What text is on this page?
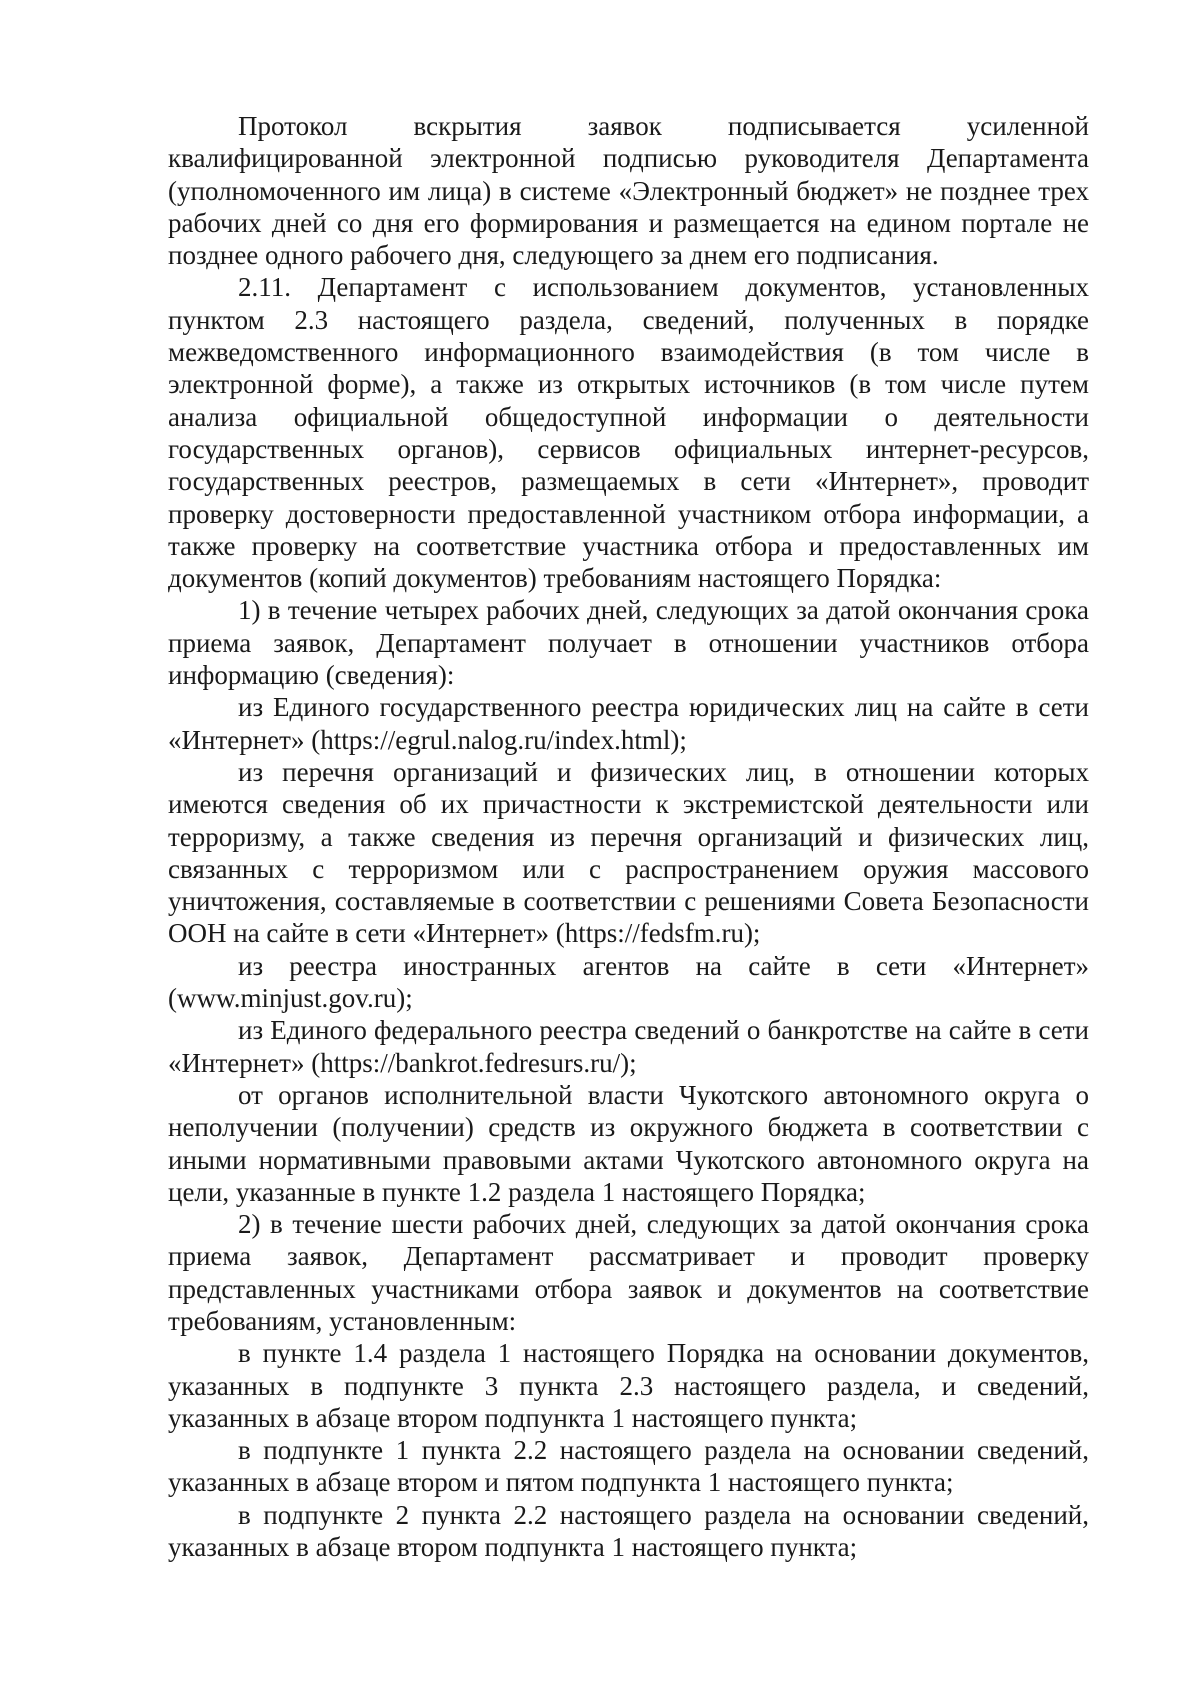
Протокол вскрытия заявок подписывается усиленной квалифицированной электронной подписью руководителя Департамента (уполномоченного им лица) в системе «Электронный бюджет» не позднее трех рабочих дней со дня его формирования и размещается на едином портале не позднее одного рабочего дня, следующего за днем его подписания.

2.11. Департамент с использованием документов, установленных пунктом 2.3 настоящего раздела, сведений, полученных в порядке межведомственного информационного взаимодействия (в том числе в электронной форме), а также из открытых источников (в том числе путем анализа официальной общедоступной информации о деятельности государственных органов), сервисов официальных интернет-ресурсов, государственных реестров, размещаемых в сети «Интернет», проводит проверку достоверности предоставленной участником отбора информации, а также проверку на соответствие участника отбора и предоставленных им документов (копий документов) требованиям настоящего Порядка:

1) в течение четырех рабочих дней, следующих за датой окончания срока приема заявок, Департамент получает в отношении участников отбора информацию (сведения):

из Единого государственного реестра юридических лиц на сайте в сети «Интернет» (https://egrul.nalog.ru/index.html);

из перечня организаций и физических лиц, в отношении которых имеются сведения об их причастности к экстремистской деятельности или терроризму, а также сведения из перечня организаций и физических лиц, связанных с терроризмом или с распространением оружия массового уничтожения, составляемые в соответствии с решениями Совета Безопасности ООН на сайте в сети «Интернет» (https://fedsfm.ru);

из реестра иностранных агентов на сайте в сети «Интернет» (www.minjust.gov.ru);

из Единого федерального реестра сведений о банкротстве на сайте в сети «Интернет» (https://bankrot.fedresurs.ru/);

от органов исполнительной власти Чукотского автономного округа о неполучении (получении) средств из окружного бюджета в соответствии с иными нормативными правовыми актами Чукотского автономного округа на цели, указанные в пункте 1.2 раздела 1 настоящего Порядка;

2) в течение шести рабочих дней, следующих за датой окончания срока приема заявок, Департамент рассматривает и проводит проверку представленных участниками отбора заявок и документов на соответствие требованиям, установленным:

в пункте 1.4 раздела 1 настоящего Порядка на основании документов, указанных в подпункте 3 пункта 2.3 настоящего раздела, и сведений, указанных в абзаце втором подпункта 1 настоящего пункта;

в подпункте 1 пункта 2.2 настоящего раздела на основании сведений, указанных в абзаце втором и пятом подпункта 1 настоящего пункта;

в подпункте 2 пункта 2.2 настоящего раздела на основании сведений, указанных в абзаце втором подпункта 1 настоящего пункта;
